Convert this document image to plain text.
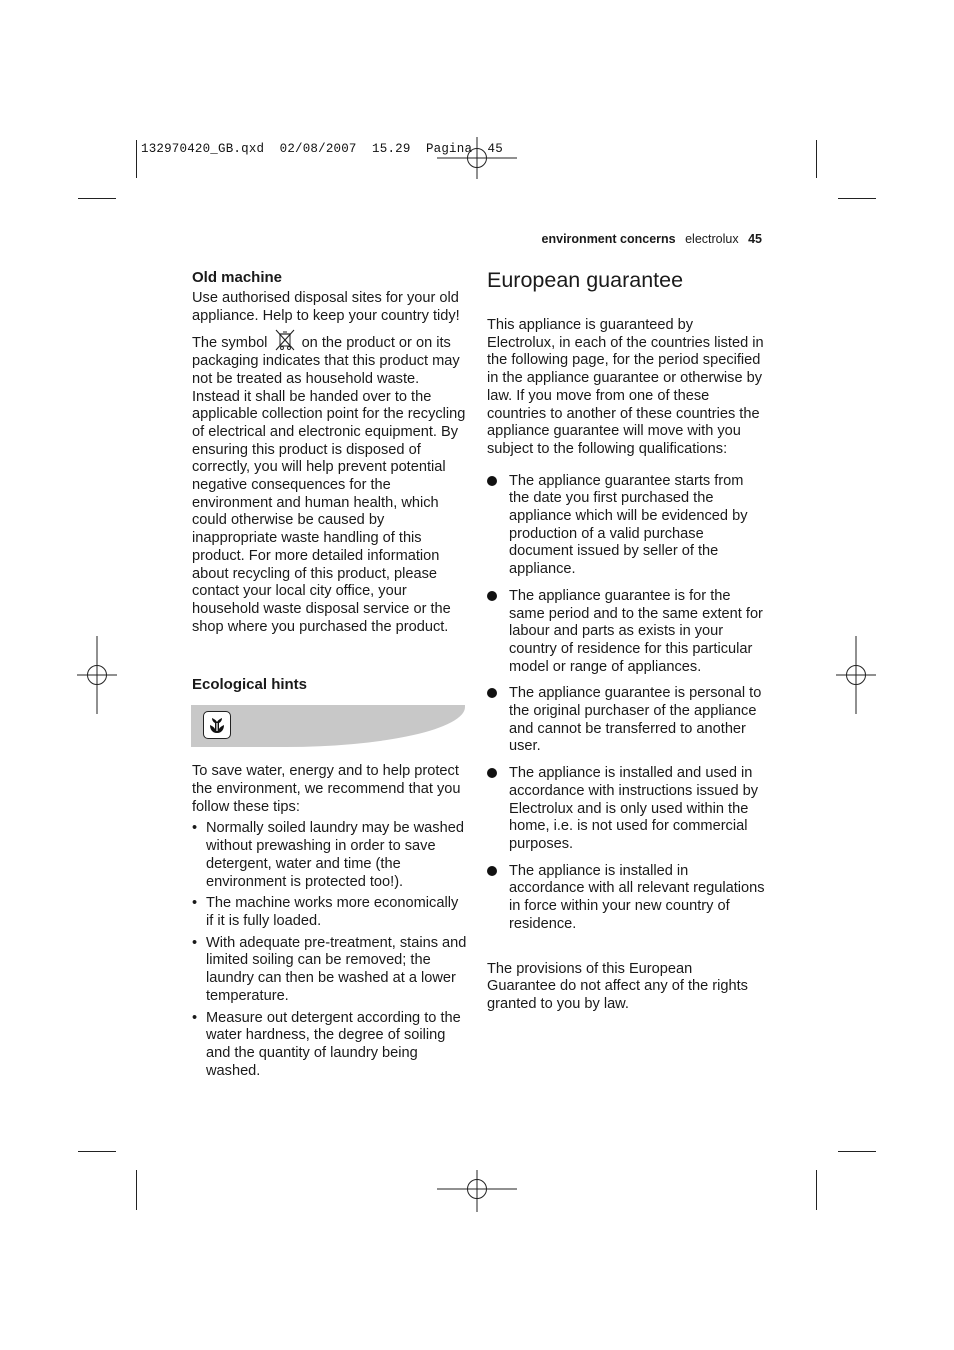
132970420_GB.qxd  02/08/2007  15.29  Pagina  45
environment concerns electrolux 45
Old machine

Use authorised disposal sites for your old appliance. Help to keep your country tidy!

The symbol on the product or on its packaging indicates that this product may not be treated as household waste. Instead it shall be handed over to the applicable collection point for the recycling of electrical and electronic equipment. By ensuring this product is disposed of correctly, you will help prevent potential negative consequences for the environment and human health, which could otherwise be caused by inappropriate waste handling of this product. For more detailed information about recycling of this product, please contact your local city office, your household waste disposal service or the shop where you purchased the product.

Ecological hints

To save water, energy and to help protect the environment, we recommend that you follow these tips:

• Normally soiled laundry may be washed without prewashing in order to save detergent, water and time (the environment is protected too!).
• The machine works more economically if it is fully loaded.
• With adequate pre-treatment, stains and limited soiling can be removed; the laundry can then be washed at a lower temperature.
• Measure out detergent according to the water hardness, the degree of soiling and the quantity of laundry being washed.
European guarantee

This appliance is guaranteed by Electrolux, in each of the countries listed in the following page, for the period specified in the appliance guarantee or otherwise by law. If you move from one of these countries to another of these countries the appliance guarantee will move with you subject to the following qualifications:

The appliance guarantee starts from the date you first purchased the appliance which will be evidenced by production of a valid purchase document issued by seller of the appliance.
The appliance guarantee is for the same period and to the same extent for labour and parts as exists in your country of residence for this particular model or range of appliances.
The appliance guarantee is personal to the original purchaser of the appliance and cannot be transferred to another user.
The appliance is installed and used in accordance with instructions issued by Electrolux and is only used within the home, i.e. is not used for commercial purposes.
The appliance is installed in accordance with all relevant regulations in force within your new country of residence.

The provisions of this European Guarantee do not affect any of the rights granted to you by law.
